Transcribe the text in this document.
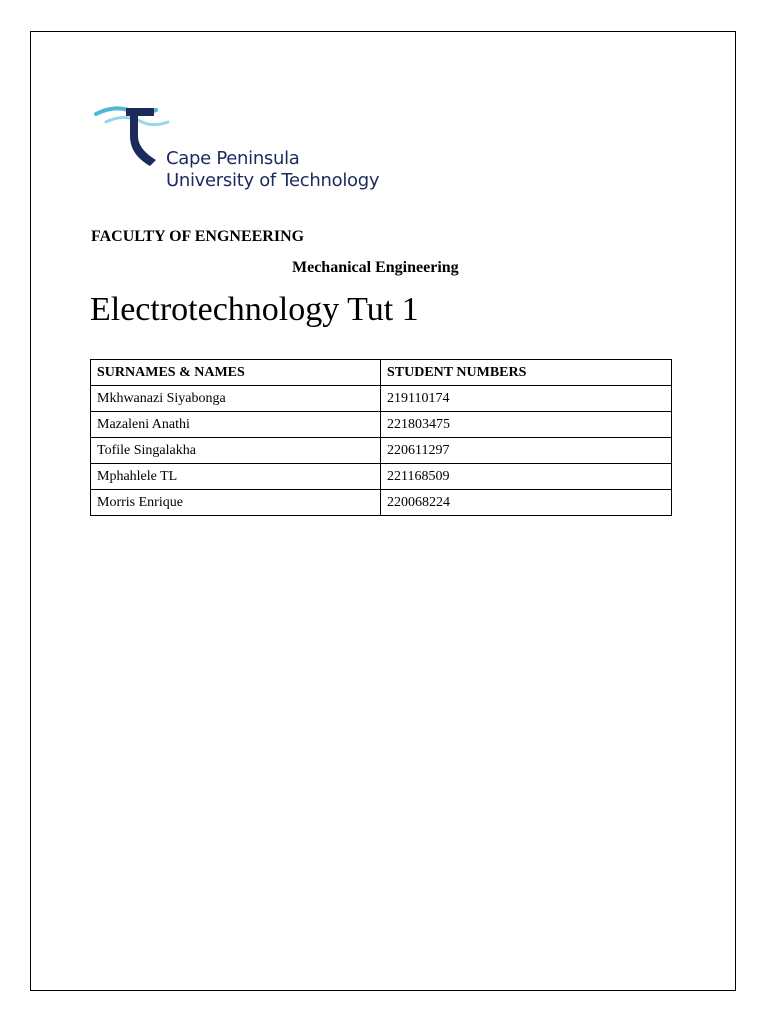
Cape Peninsula
University of Technology
FACULTY OF ENGNEERING
Mechanical Engineering
Electrotechnology Tut 1
SURNAMES & NAMES	STUDENT NUMBERS
Mkhwanazi Siyabonga	219110174
Mazaleni Anathi	221803475
Tofile Singalakha	220611297
Mphahlele TL	221168509
Morris Enrique	220068224
